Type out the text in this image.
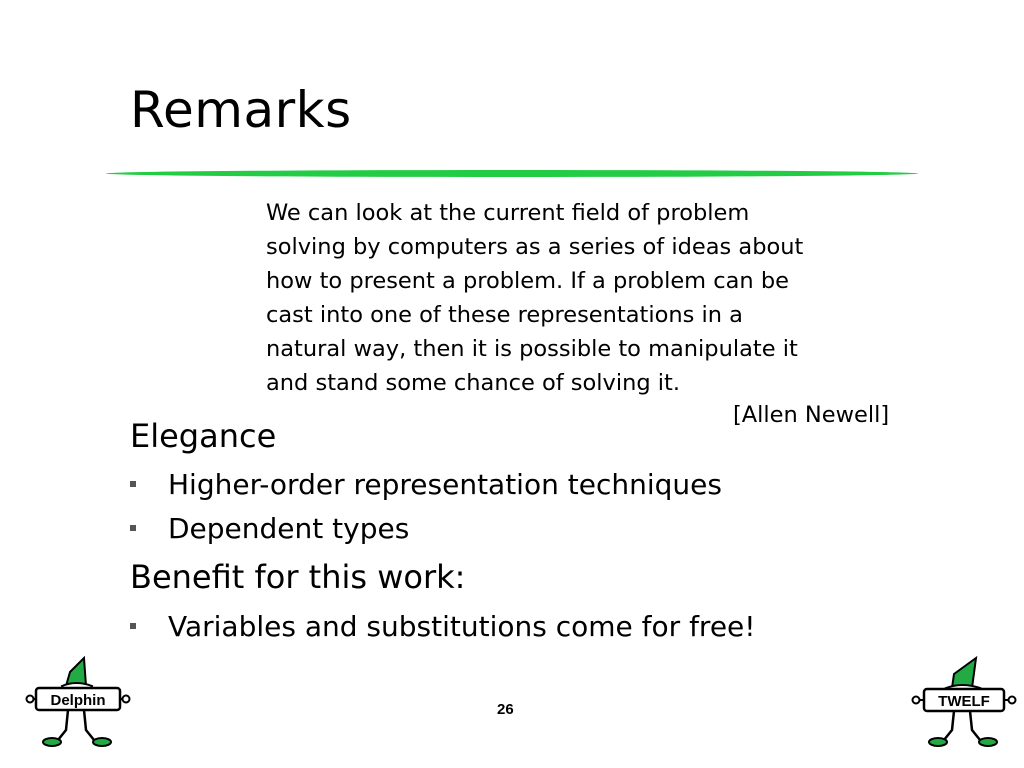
Remarks
We can look at the current field of problem
solving by computers as a series of ideas about
how to present a problem. If a problem can be
cast into one of these representations in a
natural way, then it is possible to manipulate it
and stand some chance of solving it.
[Allen Newell]
Elegance
Higher-order representation techniques
Dependent types
Benefit for this work:
Variables and substitutions come for free!
26
Delphin	TWELF
